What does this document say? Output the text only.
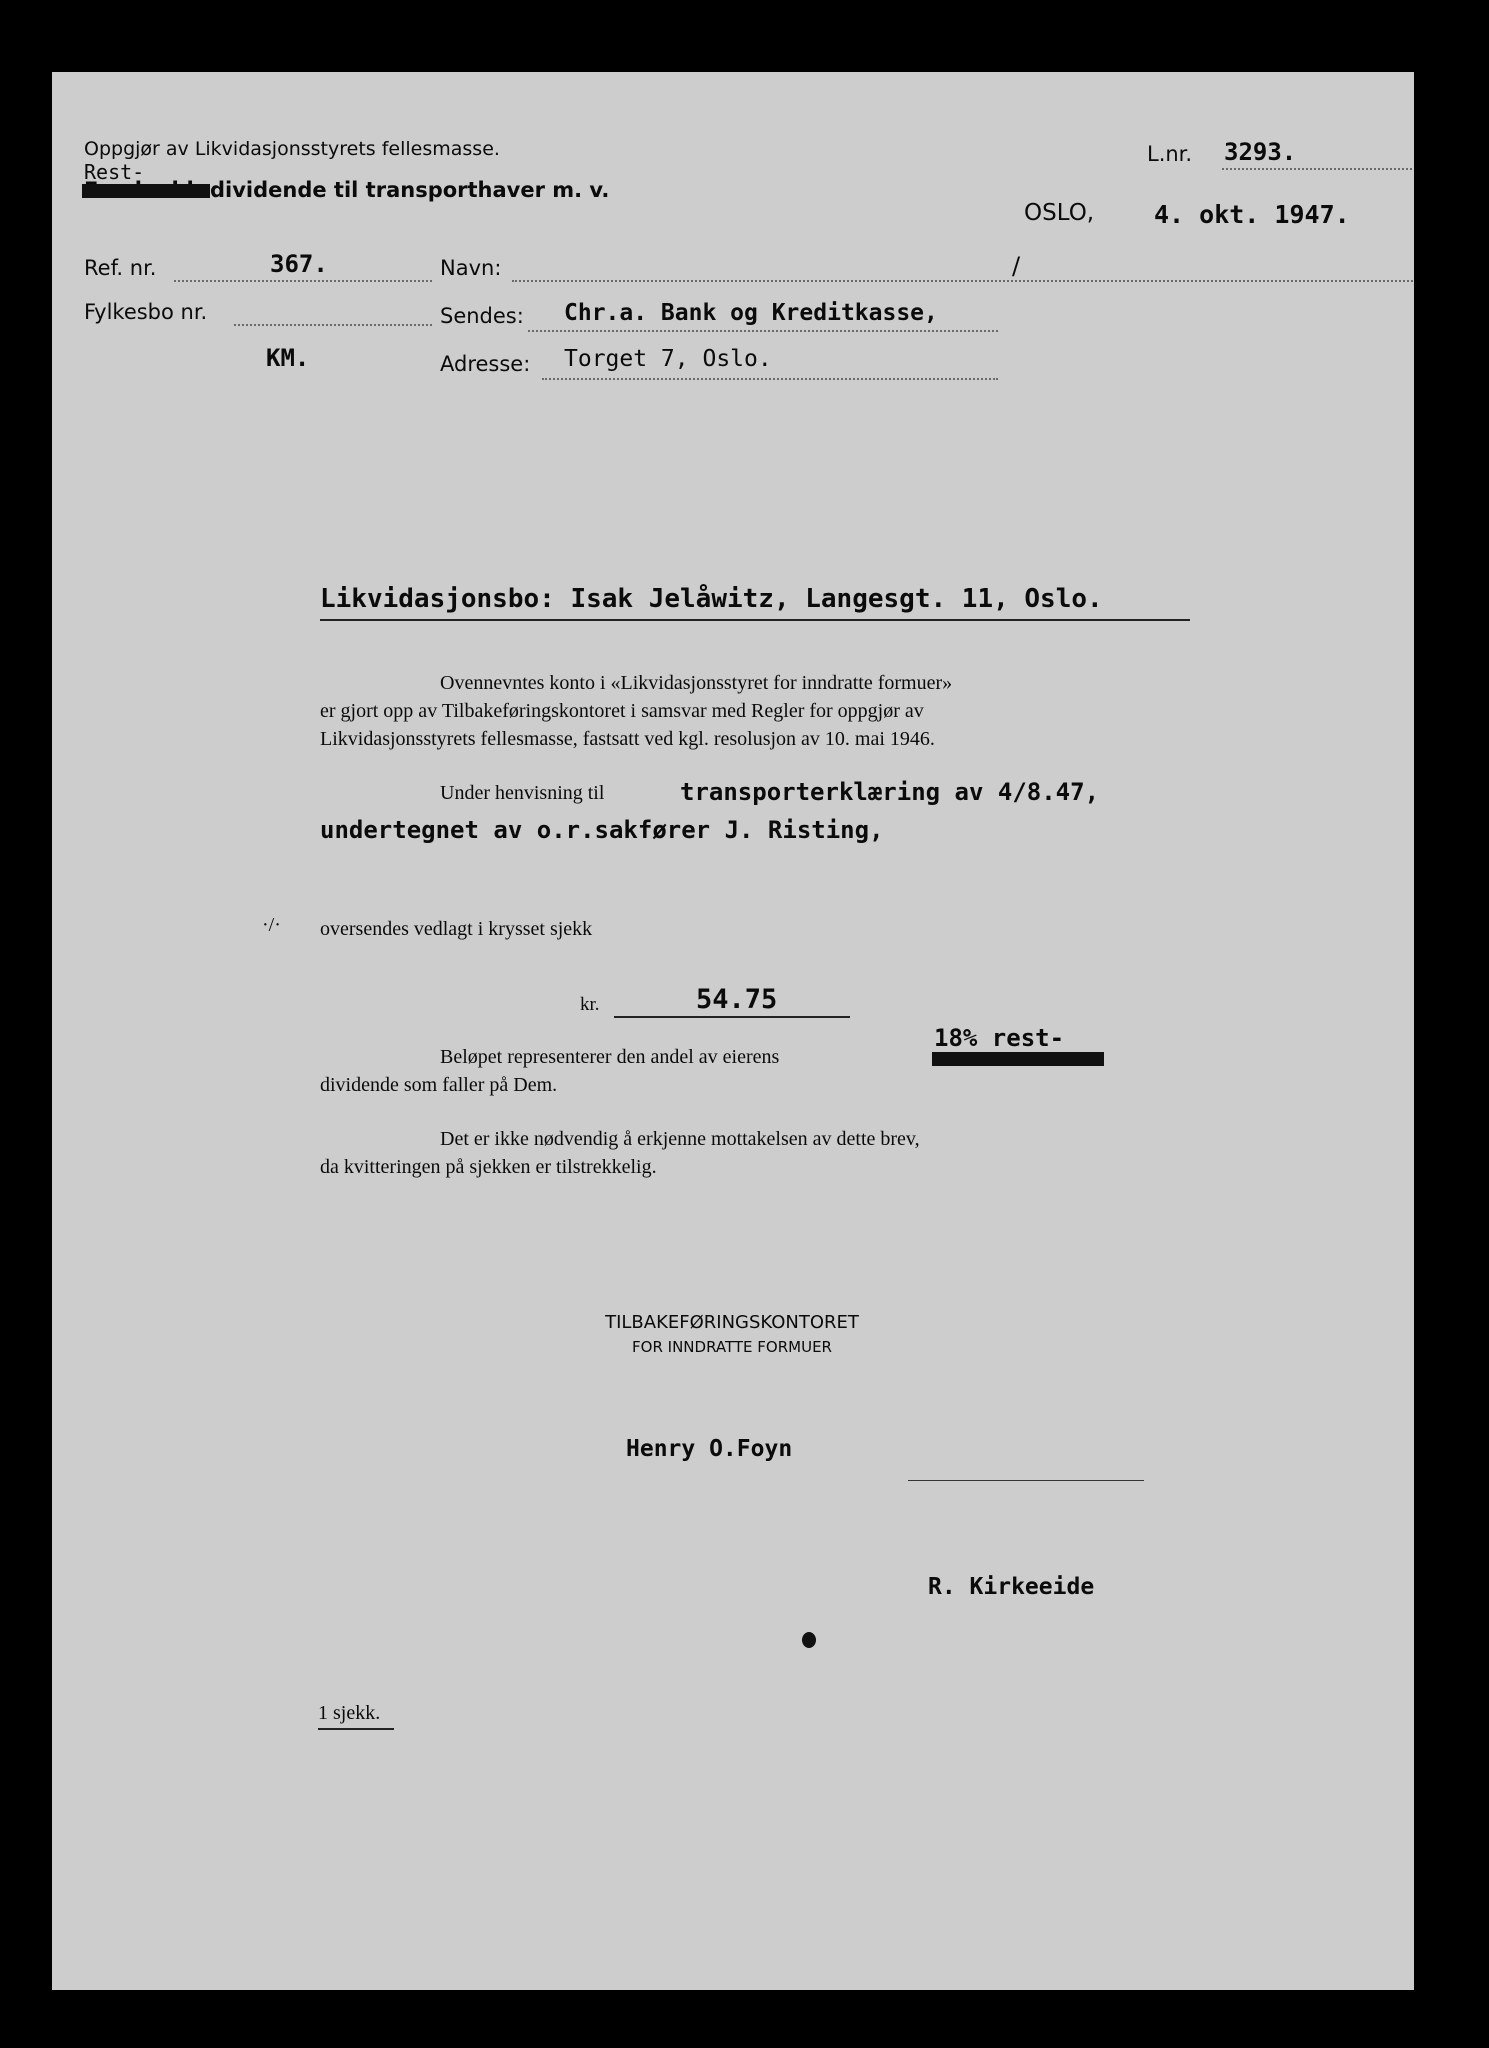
Oppgjør av Likvidasjonsstyrets fellesmasse.
Rest-
dividende til transporthaver m. v.
L.nr. 3293.
OSLO, 4. okt. 1947.
Ref. nr.	367.
Fylkesbo nr.
KM.
Navn:	/
Sendes: Chr.a. Bank og Kreditkasse,
Adresse: Torget 7, Oslo.
Likvidasjonsbo: Isak Jelåwitz, Langesgt. 11, Oslo.
Ovennevntes konto i «Likvidasjonsstyret for inndratte formuer»
er gjort opp av Tilbakeføringskontoret i samsvar med Regler for oppgjør av
Likvidasjonsstyrets fellesmasse, fastsatt ved kgl. resolusjon av 10. mai 1946.
Under henvisning til	transporterklæring av 4/8.47,
undertegnet av o.r.sakfører J. Risting,
·/· oversendes vedlagt i krysset sjekk
kr.	54.75
Beløpet representerer den andel av eierens
18% rest-
dividende som faller på Dem.
Det er ikke nødvendig å erkjenne mottakelsen av dette brev,
da kvitteringen på sjekken er tilstrekkelig.
TILBAKEFØRINGSKONTORET
FOR INNDRATTE FORMUER
Henry O.Foyn
R. Kirkeeide
1 sjekk.
